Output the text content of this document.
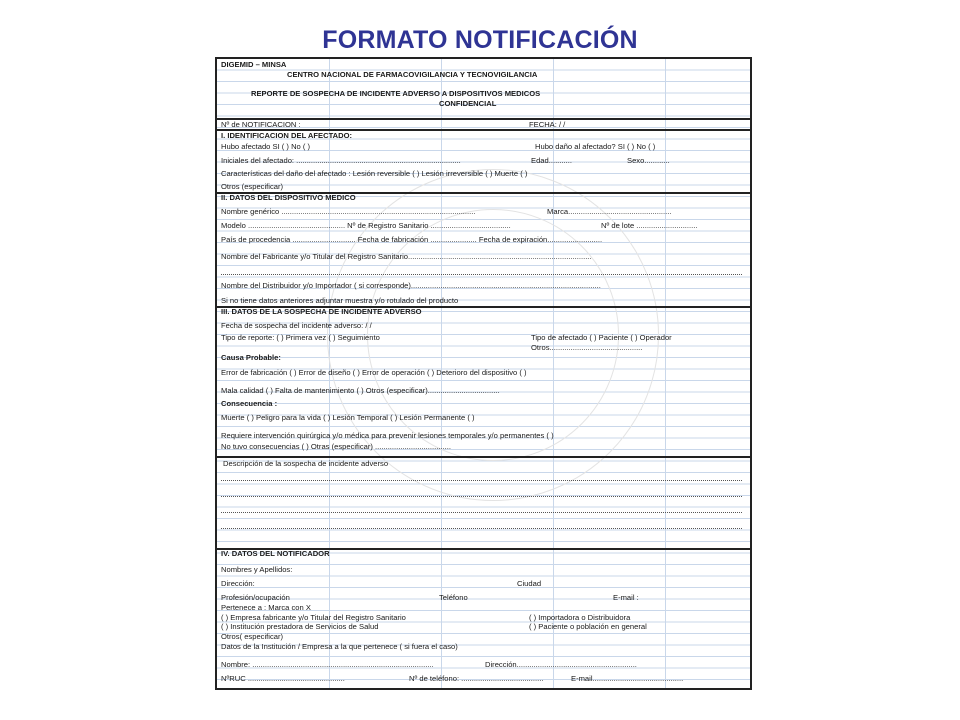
FORMATO NOTIFICACIÓN
DIGEMID – MINSA
CENTRO NACIONAL DE FARMACOVIGILANCIA Y TECNOVIGILANCIA
REPORTE DE SOSPECHA DE INCIDENTE ADVERSO A DISPOSITIVOS MEDICOS
CONFIDENCIAL
Nº de NOTIFICACION :	FECHA: / /
I. IDENTIFICACION DEL AFECTADO:
Hubo afectado SI ( ) No ( )	Hubo daño al afectado? SI ( ) No ( )
Iniciales del afectado: ..............................................................................	Edad...........	Sexo............
Características del daño del afectado : Lesión reversible ( ) Lesión irreversible ( ) Muerte ( )
Otros (especificar)
II. DATOS DEL DISPOSITIVO MEDICO
Nombre genérico ............................................................................................	Marca.................................................
Modelo .............................................. Nº de Registro Sanitario ......................................	Nº de lote .............................
País de procedencia .............................. Fecha de fabricación ...................... Fecha de expiración..........................
Nombre del Fabricante y/o Titular del Registro Sanitario.......................................................................................
Nombre del Distribuidor y/o Importador ( si corresponde)..........................................................................................
Si no tiene datos anteriores adjuntar muestra y/o rotulado del producto
III. DATOS DE LA SOSPECHA DE INCIDENTE ADVERSO
Fecha de sospecha del incidente adverso: / /
Tipo de reporte: ( ) Primera vez ( ) Seguimiento	Tipo de afectado ( ) Paciente ( ) Operador
Otros............................................
Causa Probable:
Error de fabricación ( ) Error de diseño ( ) Error de operación ( ) Deterioro del dispositivo ( )
Mala calidad ( ) Falta de mantenimiento ( ) Otros (especificar)..................................
Consecuencia :
Muerte ( ) Peligro para la vida ( ) Lesión Temporal ( ) Lesión Permanente ( )
Requiere intervención quirúrgica y/o médica para prevenir lesiones temporales y/o permanentes ( )
No tuvo consecuencias ( ) Otras (especificar) ....................................
Descripción de la sospecha de incidente adverso
IV. DATOS DEL NOTIFICADOR
Nombres y Apellidos:
Dirección:	Ciudad
Profesión/ocupación	Teléfono	E-mail :
Pertenece a : Marca con X
( ) Empresa fabricante y/o Titular del Registro Sanitario	( ) Importadora o Distribuidora
( ) Institución prestadora de Servicios de Salud	( ) Paciente o población en general
Otros( especificar)
Datos de la Institución / Empresa a la que pertenece ( si fuera el caso)
Nombre: ......................................................................................	Dirección.........................................................
NºRUC ..............................................	Nº de teléfono: .......................................	E-mail...........................................
